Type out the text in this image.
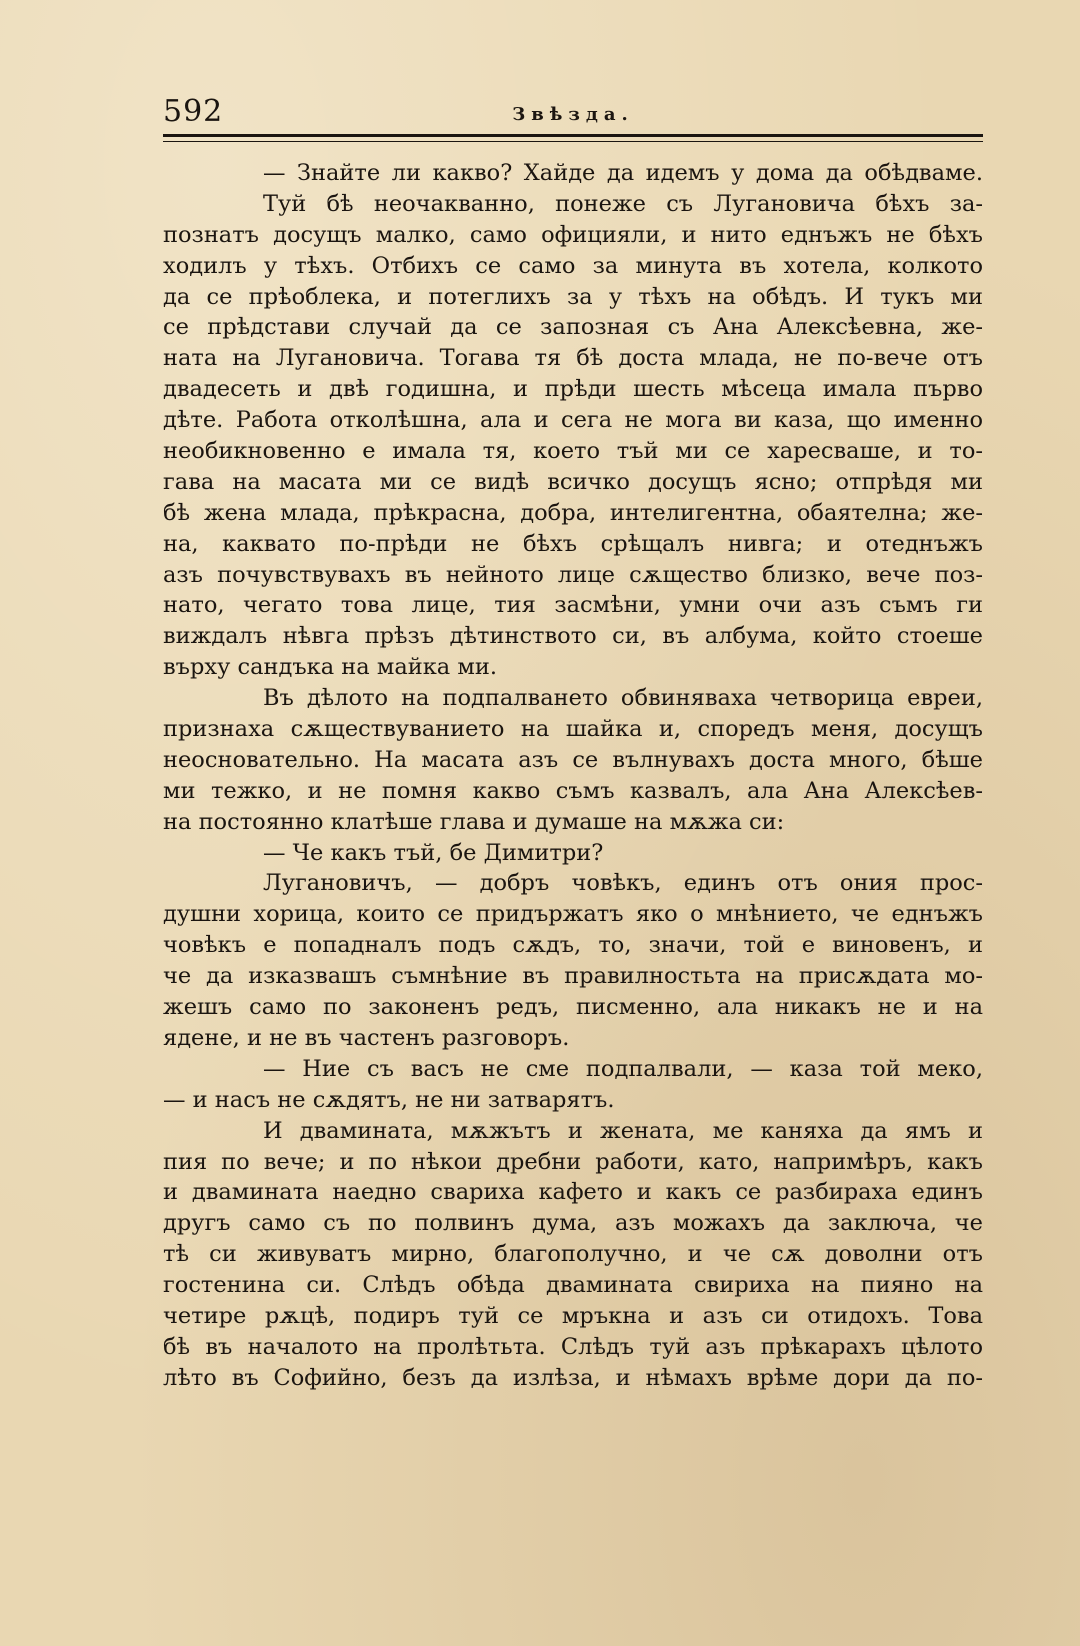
592	Звѣзда.
— Знайте ли какво? Хайде да идемъ у дома да обѣдваме.
Туй бѣ неочакванно, понеже съ Лугановича бѣхъ за-
познатъ досущъ малко, само официяли, и нито еднъжъ не бѣхъ
ходилъ у тѣхъ. Отбихъ се само за минута въ хотела, колкото
да се прѣоблека, и потеглихъ за у тѣхъ на обѣдъ. И тукъ ми
се прѣдстави случай да се запозная съ Ана Алексѣевна, же-
ната на Лугановича. Тогава тя бѣ доста млада, не по-вече отъ
двадесеть и двѣ годишна, и прѣди шесть мѣсеца имала първо
дѣте. Работа отколѣшна, ала и сега не мога ви каза, що именно
необикновенно е имала тя, което тъй ми се харесваше, и то-
гава на масата ми се видѣ всичко досущъ ясно; отпрѣдя ми
бѣ жена млада, прѣкрасна, добра, интелигентна, обаятелна; же-
на, каквато по-прѣди не бѣхъ срѣщалъ нивга; и отеднъжъ
азъ почувствувахъ въ нейното лице сѫщество близко, вече поз-
нато, чегато това лице, тия засмѣни, умни очи азъ съмъ ги
виждалъ нѣвга прѣзъ дѣтинството си, въ албума, който стоеше
върху сандъка на майка ми.
Въ дѣлото на подпалването обвиняваха четворица евреи,
признаха сѫществуванието на шайка и, споредъ меня, досущъ
неосновательно. На масата азъ се вълнувахъ доста много, бѣше
ми тежко, и не помня какво съмъ казвалъ, ала Ана Алексѣев-
на постоянно клатѣше глава и думаше на мѫжа си:
— Че какъ тъй, бе Димитри?
Лугановичъ, — добръ човѣкъ, единъ отъ ония прос-
душни хорица, които се придържатъ яко о мнѣнието, че еднъжъ
човѣкъ е попадналъ подъ сѫдъ, то, значи, той е виновенъ, и
че да изказвашъ съмнѣние въ правилностьта на присѫдата мо-
жешъ само по законенъ редъ, писменно, ала никакъ не и на
ядене, и не въ частенъ разговоръ.
— Ние съ васъ не сме подпалвали, — каза той меко,
— и насъ не сѫдятъ, не ни затварятъ.
И двамината, мѫжътъ и жената, ме каняха да ямъ и
пия по вече; и по нѣкои дребни работи, като, напримѣръ, какъ
и двамината наедно свариха кафето и какъ се разбираха единъ
другъ само съ по полвинъ дума, азъ можахъ да заключа, че
тѣ си живуватъ мирно, благополучно, и че сѫ доволни отъ
гостенина си. Слѣдъ обѣда двамината свириха на пияно на
четире рѫцѣ, подиръ туй се мръкна и азъ си отидохъ. Това
бѣ въ началото на пролѣтьта. Слѣдъ туй азъ прѣкарахъ цѣлото
лѣто въ Софийно, безъ да излѣза, и нѣмахъ врѣме дори да по-
